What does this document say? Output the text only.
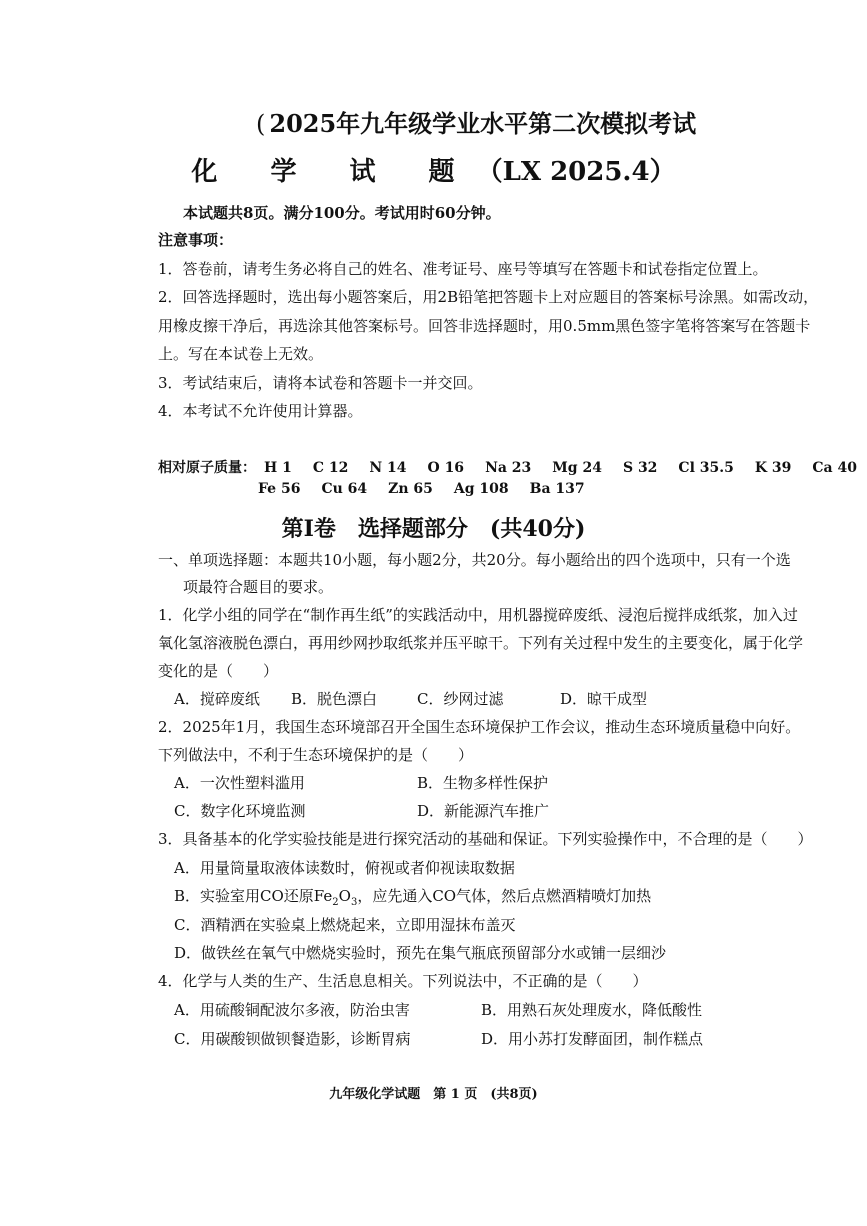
( 2025年九年级学业水平第二次模拟考试
化 学 试 题（LX 2025.4）
本试题共8页。满分100分。考试用时60分钟。
注意事项：
1．答卷前，请考生务必将自己的姓名、准考证号、座号等填写在答题卡和试卷指定位置上。
2．回答选择题时，选出每小题答案后，用2B铅笔把答题卡上对应题目的答案标号涂黑。如需改动，
用橡皮擦干净后，再选涂其他答案标号。回答非选择题时，用0.5mm黑色签字笔将答案写在答题卡
上。写在本试卷上无效。
3．考试结束后，请将本试卷和答题卡一并交回。
4．本考试不允许使用计算器。
相对原子质量： H 1 C 12 N 14 O 16 Na 23 Mg 24 S 32 Cl 35.5 K 39 Ca 40
Fe 56 Cu 64 Zn 65 Ag 108 Ba 137
第Ⅰ卷　选择题部分　(共40分)
一、单项选择题：本题共10小题，每小题2分，共20分。每小题给出的四个选项中，只有一个选
项最符合题目的要求。
1．化学小组的同学在“制作再生纸”的实践活动中，用机器搅碎废纸、浸泡后搅拌成纸浆，加入过
氧化氢溶液脱色漂白，再用纱网抄取纸浆并压平晾干。下列有关过程中发生的主要变化，属于化学
变化的是（　　）
A．搅碎废纸 B．脱色漂白	C．纱网过滤	D．晾干成型
2．2025年1月，我国生态环境部召开全国生态环境保护工作会议，推动生态环境质量稳中向好。
下列做法中，不利于生态环境保护的是（　　）
A．一次性塑料滥用	B．生物多样性保护
C．数字化环境监测	D．新能源汽车推广
3．具备基本的化学实验技能是进行探究活动的基础和保证。下列实验操作中，不合理的是（　　）
A．用量筒量取液体读数时，俯视或者仰视读取数据
B．实验室用CO还原$Fe_2O_3$，应先通入CO气体，然后点燃酒精喷灯加热
C．酒精洒在实验桌上燃烧起来，立即用湿抹布盖灭
D．做铁丝在氧气中燃烧实验时，预先在集气瓶底预留部分水或铺一层细沙
4．化学与人类的生产、生活息息相关。下列说法中，不正确的是（　　）
A．用硫酸铜配波尔多液，防治虫害	B．用熟石灰处理废水，降低酸性
C．用碳酸钡做钡餐造影，诊断胃病	D．用小苏打发酵面团，制作糕点
九年级化学试题　第 1 页　(共8页)
